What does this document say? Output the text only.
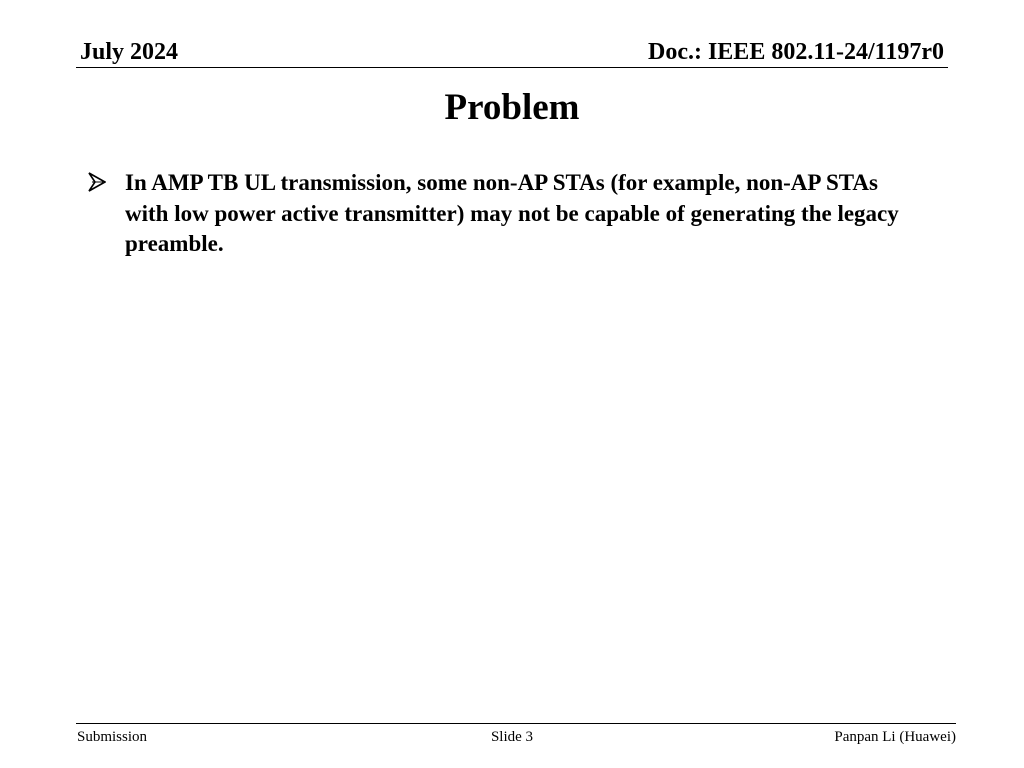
July 2024	Doc.: IEEE 802.11-24/1197r0
Problem
In AMP TB UL transmission, some non-AP STAs (for example, non-AP STAs with low power active transmitter) may not be capable of generating the legacy preamble.
Submission	Slide 3	Panpan Li (Huawei)
